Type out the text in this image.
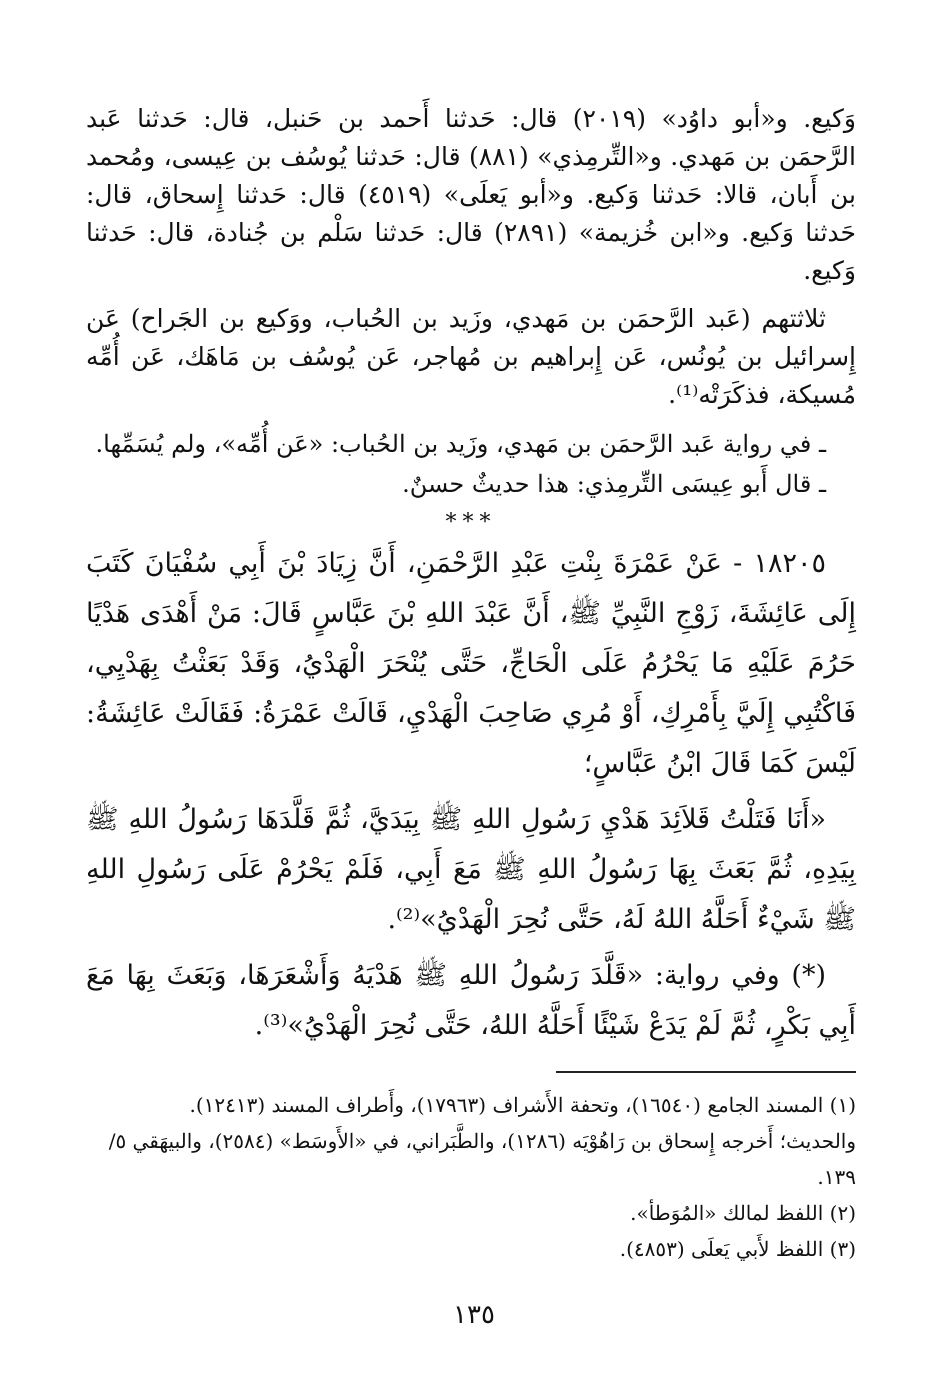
وَكيع. و«أبو داوُد» (٢٠١٩) قال: حَدثنا أَحمد بن حَنبل، قال: حَدثنا عَبد الرَّحمَن بن مَهدي. و«التِّرمِذي» (٨٨١) قال: حَدثنا يُوسُف بن عِيسى، ومُحمد بن أَبان، قالا: حَدثنا وَكيع. و«أبو يَعلَى» (٤٥١٩) قال: حَدثنا إِسحاق، قال: حَدثنا وَكيع. و«ابن خُزيمة» (٢٨٩١) قال: حَدثنا سَلْم بن جُنادة، قال: حَدثنا وَكيع.

ثلاثتهم (عَبد الرَّحمَن بن مَهدي، وزَيد بن الحُباب، ووَكيع بن الجَراح) عَن إِسرائيل بن يُونُس، عَن إِبراهيم بن مُهاجر، عَن يُوسُف بن مَاهَك، عَن أُمِّه مُسيكة، فذكَرَتْه⁽¹⁾.

ـ في رواية عَبد الرَّحمَن بن مَهدي، وزَيد بن الحُباب: «عَن أُمِّه»، ولم يُسَمِّها.
ـ قال أَبو عِيسَى التِّرمِذي: هذا حديثٌ حسنٌ.
***

١٨٢٠٥ - عَنْ عَمْرَةَ بِنْتِ عَبْدِ الرَّحْمَنِ، أَنَّ زِيَادَ بْنَ أَبِي سُفْيَانَ كَتَبَ إِلَى عَائِشَةَ، زَوْجِ النَّبِيِّ ﷺ، أَنَّ عَبْدَ اللهِ بْنَ عَبَّاسٍ قَالَ: مَنْ أَهْدَى هَدْيًا حَرُمَ عَلَيْهِ مَا يَحْرُمُ عَلَى الْحَاجِّ، حَتَّى يُنْحَرَ الْهَدْيُ، وَقَدْ بَعَثْتُ بِهَدْيِي، فَاكْتُبِي إِلَيَّ بِأَمْرِكِ، أَوْ مُرِي صَاحِبَ الْهَدْيِ، قَالَتْ عَمْرَةُ: فَقَالَتْ عَائِشَةُ: لَيْسَ كَمَا قَالَ ابْنُ عَبَّاسٍ؛

«أَنَا فَتَلْتُ قَلاَئِدَ هَدْيِ رَسُولِ اللهِ ﷺ بِيَدَيَّ، ثُمَّ قَلَّدَهَا رَسُولُ اللهِ ﷺ بِيَدِهِ، ثُمَّ بَعَثَ بِهَا رَسُولُ اللهِ ﷺ مَعَ أَبِي، فَلَمْ يَحْرُمْ عَلَى رَسُولِ اللهِ ﷺ شَيْءٌ أَحَلَّهُ اللهُ لَهُ، حَتَّى نُحِرَ الْهَدْيُ»⁽²⁾.

(*) وفي رواية: «قَلَّدَ رَسُولُ اللهِ ﷺ هَدْيَهُ وَأَشْعَرَهَا، وَبَعَثَ بِهَا مَعَ أَبِي بَكْرٍ، ثُمَّ لَمْ يَدَعْ شَيْئًا أَحَلَّهُ اللهُ، حَتَّى نُحِرَ الْهَدْيُ»⁽³⁾.

(١) المسند الجامع (١٦٥٤٠)، وتحفة الأَشراف (١٧٩٦٣)، وأَطراف المسند (١٢٤١٣).

والحديث؛ أَخرجه إِسحاق بن رَاهُوْيَه (١٢٨٦)، والطَّبَراني، في «الأَوسَط» (٢٥٨٤)، والبيهَقي ٥/ ١٣٩.

(٢) اللفظ لمالك «المُوَطأ».

(٣) اللفظ لأَبي يَعلَى (٤٨٥٣).

١٣٥
